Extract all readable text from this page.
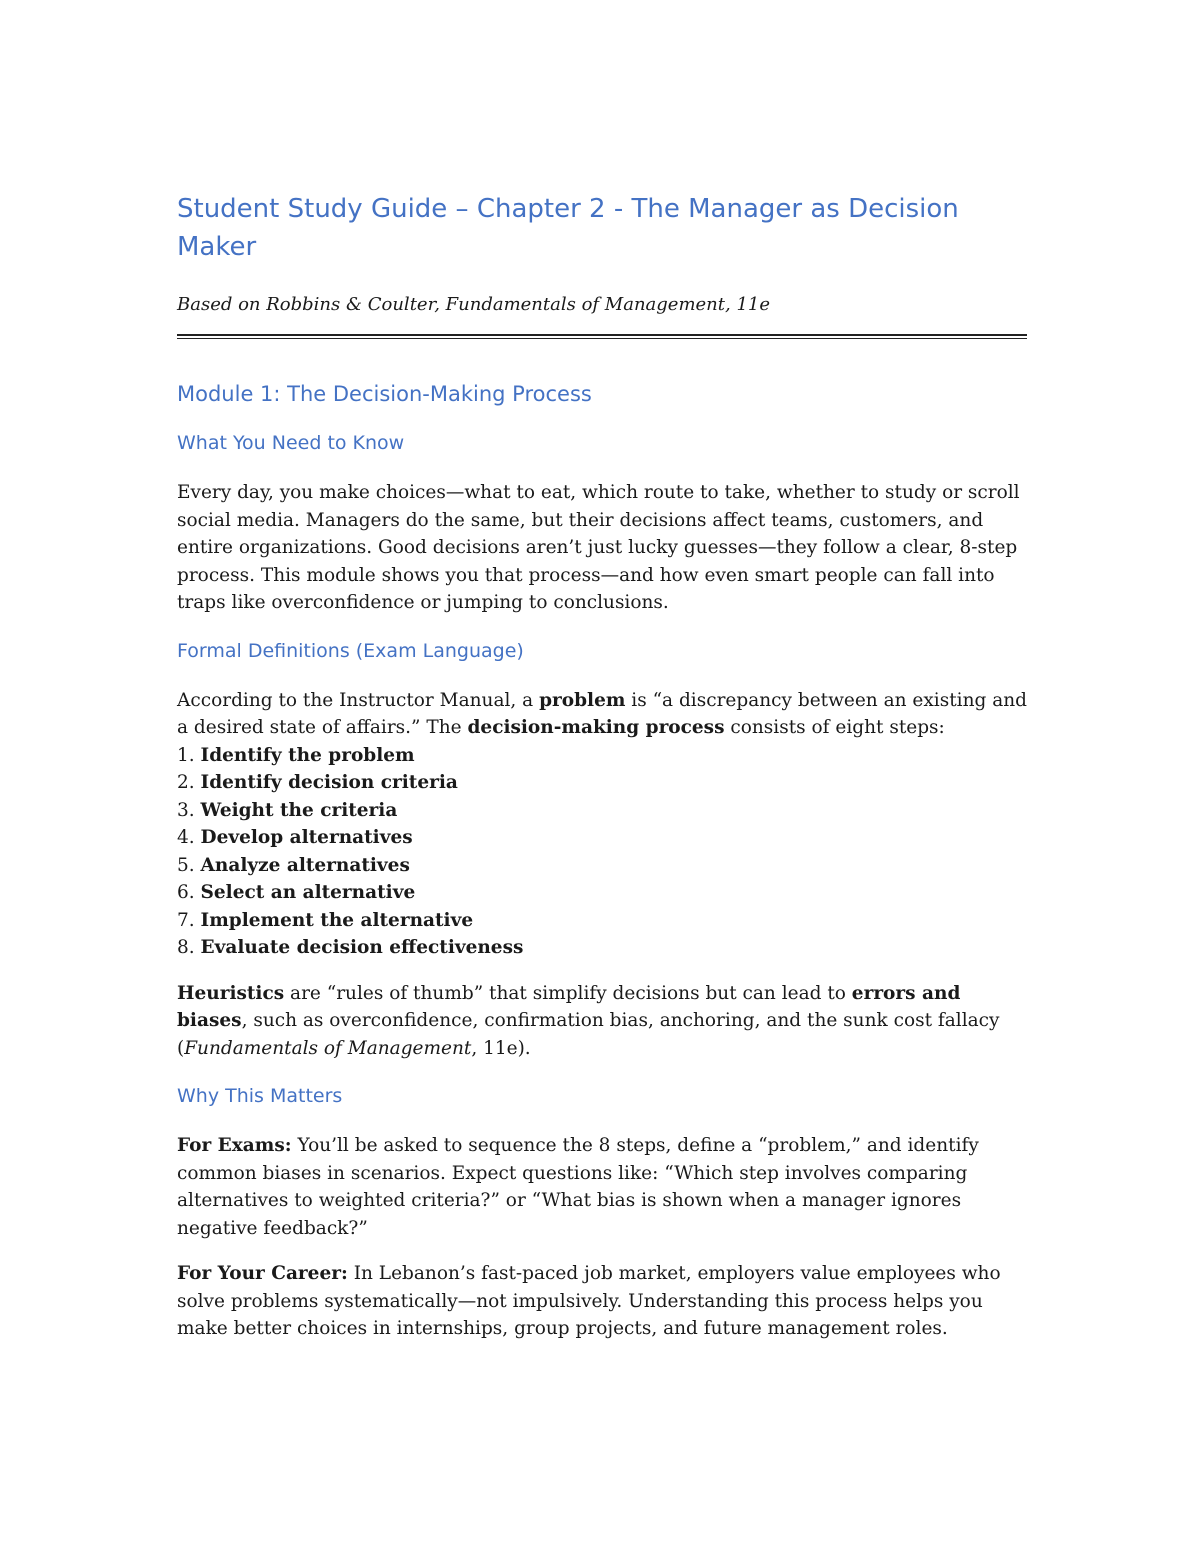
Student Study Guide – Chapter 2 - The Manager as Decision Maker

Based on Robbins & Coulter, Fundamentals of Management, 11e

Module 1: The Decision-Making Process
What You Need to Know

Every day, you make choices—what to eat, which route to take, whether to study or scroll social media. Managers do the same, but their decisions affect teams, customers, and entire organizations. Good decisions aren’t just lucky guesses—they follow a clear, 8-step process. This module shows you that process—and how even smart people can fall into traps like overconfidence or jumping to conclusions.

Formal Definitions (Exam Language)

According to the Instructor Manual, a problem is “a discrepancy between an existing and a desired state of affairs.” The decision-making process consists of eight steps:

1. Identify the problem
2. Identify decision criteria
3. Weight the criteria
4. Develop alternatives
5. Analyze alternatives
6. Select an alternative
7. Implement the alternative
8. Evaluate decision effectiveness

Heuristics are “rules of thumb” that simplify decisions but can lead to errors and biases, such as overconfidence, confirmation bias, anchoring, and the sunk cost fallacy (Fundamentals of Management, 11e).

Why This Matters

For Exams: You’ll be asked to sequence the 8 steps, define a “problem,” and identify common biases in scenarios. Expect questions like: “Which step involves comparing alternatives to weighted criteria?” or “What bias is shown when a manager ignores negative feedback?”

For Your Career: In Lebanon’s fast-paced job market, employers value employees who solve problems systematically—not impulsively. Understanding this process helps you make better choices in internships, group projects, and future management roles.
